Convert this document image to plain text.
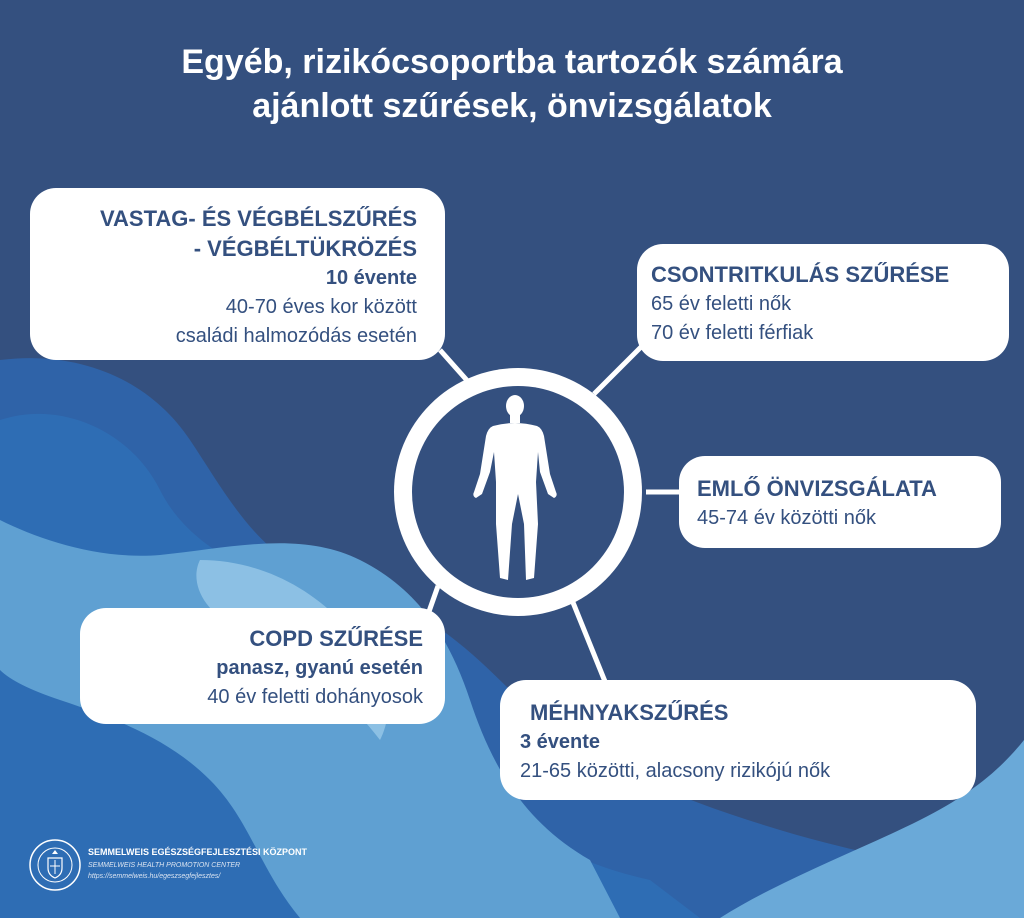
Egyéb, rizikócsoportba tartozók számára
ajánlott szűrések, önvizsgálatok
VASTAG- ÉS VÉGBÉLSZŰRÉS
- VÉGBÉLTÜKRÖZÉS
10 évente
40-70 éves kor között
családi halmozódás esetén
CSONTRITKULÁS SZŰRÉSE
65 év feletti nők
70 év feletti férfiak
EMLŐ ÖNVIZSGÁLATA
45-74 év közötti nők
COPD SZŰRÉSE
panasz, gyanú esetén
40 év feletti dohányosok
MÉHNYAKSZŰRÉS
3 évente
21-65 közötti, alacsony rizikójú nők
SEMMELWEIS EGÉSZSÉGFEJLESZTÉSI KÖZPONT
SEMMELWEIS HEALTH PROMOTION CENTER
https://semmelweis.hu/egeszsegfejlesztes/
